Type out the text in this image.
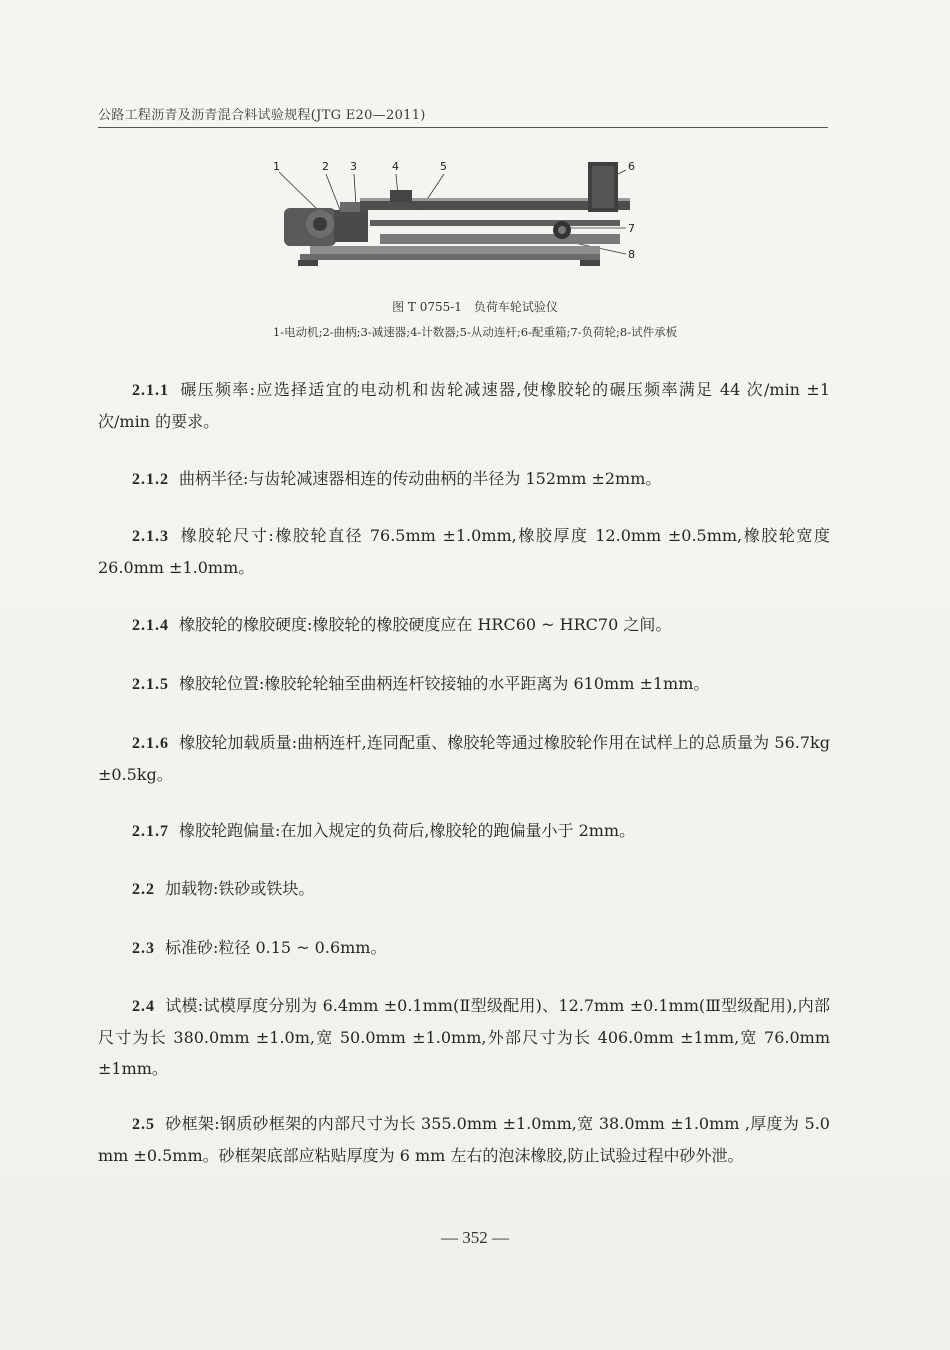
公路工程沥青及沥青混合料试验规程(JTG E20—2011)
1	2 3	4	5	6
7
8
图 T 0755-1　负荷车轮试验仪
1-电动机;2-曲柄;3-减速器;4-计数器;5-从动连杆;6-配重箱;7-负荷轮;8-试件承板
2.1.1 碾压频率:应选择适宜的电动机和齿轮减速器,使橡胶轮的碾压频率满足 44 次/min ±1 次/min 的要求。
2.1.2 曲柄半径:与齿轮减速器相连的传动曲柄的半径为 152mm ±2mm。
2.1.3 橡胶轮尺寸:橡胶轮直径 76.5mm ±1.0mm,橡胶厚度 12.0mm ±0.5mm,橡胶轮宽度 26.0mm ±1.0mm。
2.1.4 橡胶轮的橡胶硬度:橡胶轮的橡胶硬度应在 HRC60 ~ HRC70 之间。
2.1.5 橡胶轮位置:橡胶轮轮轴至曲柄连杆铰接轴的水平距离为 610mm ±1mm。
2.1.6 橡胶轮加载质量:曲柄连杆,连同配重、橡胶轮等通过橡胶轮作用在试样上的总质量为 56.7kg ±0.5kg。
2.1.7 橡胶轮跑偏量:在加入规定的负荷后,橡胶轮的跑偏量小于 2mm。
2.2 加载物:铁砂或铁块。
2.3 标准砂:粒径 0.15 ~ 0.6mm。
2.4 试模:试模厚度分别为 6.4mm ±0.1mm(Ⅱ型级配用)、12.7mm ±0.1mm(Ⅲ型级配用),内部尺寸为长 380.0mm ±1.0m,宽 50.0mm ±1.0mm,外部尺寸为长 406.0mm ±1mm,宽 76.0mm ±1mm。
2.5 砂框架:钢质砂框架的内部尺寸为长 355.0mm ±1.0mm,宽 38.0mm ±1.0mm ,厚度为 5.0 mm ±0.5mm。砂框架底部应粘贴厚度为 6 mm 左右的泡沫橡胶,防止试验过程中砂外泄。
— 352 —
